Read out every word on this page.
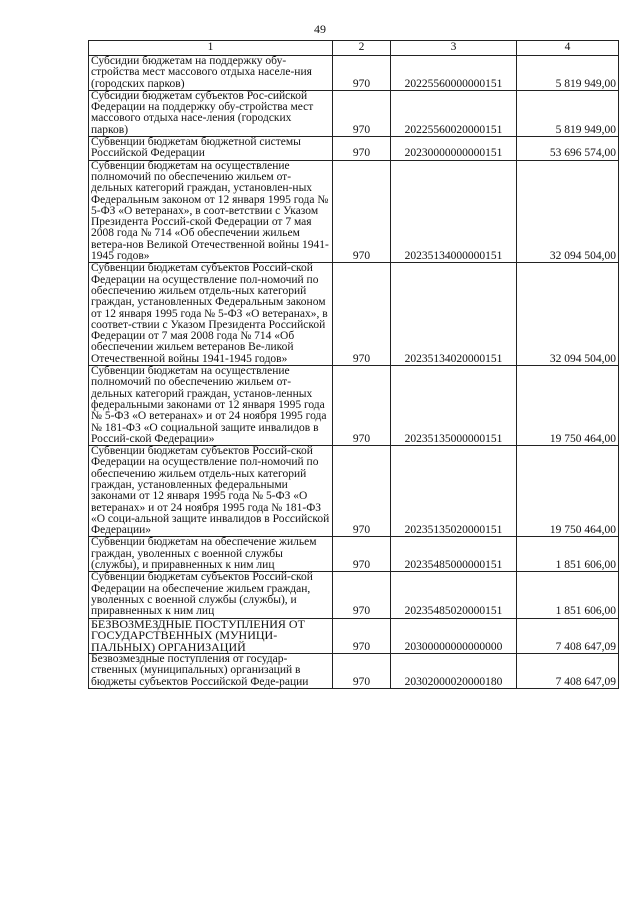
49
1	2	3	4
Субсидии бюджетам на поддержку обу-стройства мест массового отдыха населе-ния (городских парков)	970	20225560000000151	5 819 949,00
Субсидии бюджетам субъектов Рос-сийской Федерации на поддержку обу-стройства мест массового отдыха насе-ления (городских парков)	970	20225560020000151	5 819 949,00
Субвенции бюджетам бюджетной системы Российской Федерации	970	20230000000000151	53 696 574,00
Субвенции бюджетам на осуществление полномочий по обеспечению жильем от-дельных категорий граждан, установлен-ных Федеральным законом от 12 января 1995 года № 5-ФЗ «О ветеранах», в соот-ветствии с Указом Президента Россий-ской Федерации от 7 мая 2008 года № 714 «Об обеспечении жильем ветера-нов Великой Отечественной войны 1941-1945 годов»	970	20235134000000151	32 094 504,00
Субвенции бюджетам субъектов Россий-ской Федерации на осуществление пол-номочий по обеспечению жильем отдель-ных категорий граждан, установленных Федеральным законом от 12 января 1995 года № 5-ФЗ «О ветеранах», в соответ-ствии с Указом Президента Российской Федерации от 7 мая 2008 года № 714 «Об обеспечении жильем ветеранов Ве-ликой Отечественной войны 1941-1945 годов»	970	20235134020000151	32 094 504,00
Субвенции бюджетам на осуществление полномочий по обеспечению жильем от-дельных категорий граждан, установ-ленных федеральными законами от 12 января 1995 года № 5-ФЗ «О ветеранах» и от 24 ноября 1995 года № 181-ФЗ «О социальной защите инвалидов в Россий-ской Федерации»	970	20235135000000151	19 750 464,00
Субвенции бюджетам субъектов Россий-ской Федерации на осуществление пол-номочий по обеспечению жильем отдель-ных категорий граждан, установленных федеральными законами от 12 января 1995 года № 5-ФЗ «О ветеранах» и от 24 ноября 1995 года № 181-ФЗ «О соци-альной защите инвалидов в Российской Федерации»	970	20235135020000151	19 750 464,00
Субвенции бюджетам на обеспечение жильем граждан, уволенных с военной службы (службы), и приравненных к ним лиц	970	20235485000000151	1 851 606,00
Субвенции бюджетам субъектов Россий-ской Федерации на обеспечение жильем граждан, уволенных с военной службы (службы), и приравненных к ним лиц	970	20235485020000151	1 851 606,00
БЕЗВОЗМЕЗДНЫЕ ПОСТУПЛЕНИЯ ОТ ГОСУДАРСТВЕННЫХ (МУНИЦИ-ПАЛЬНЫХ) ОРГАНИЗАЦИЙ	970	20300000000000000	7 408 647,09
Безвозмездные поступления от государ-ственных (муниципальных) организаций в бюджеты субъектов Российской Феде-рации	970	20302000020000180	7 408 647,09
